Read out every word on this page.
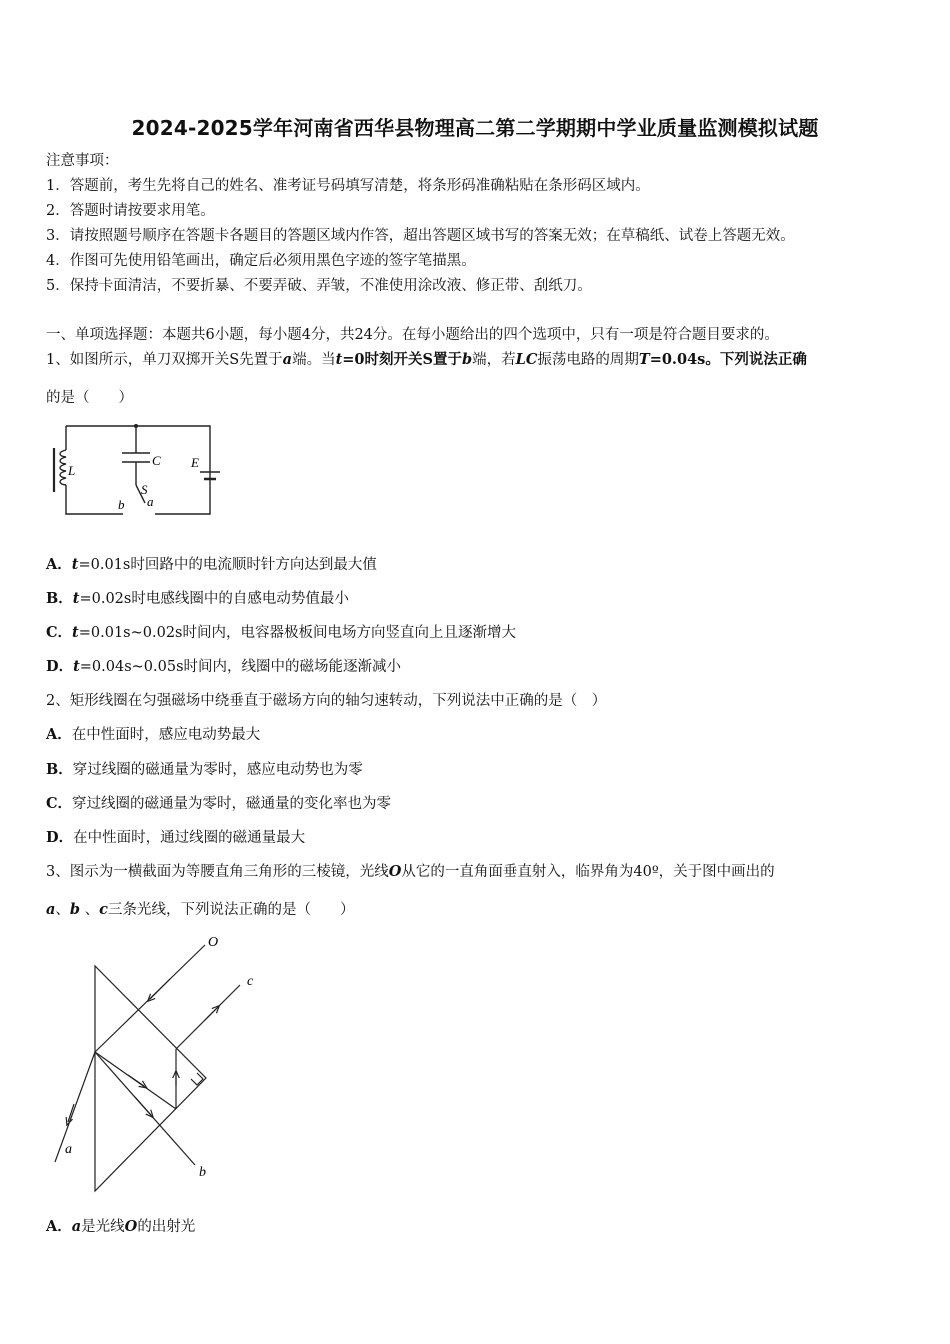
2024-2025学年河南省西华县物理高二第二学期期中学业质量监测模拟试题
注意事项：
1．答题前，考生先将自己的姓名、准考证号码填写清楚，将条形码准确粘贴在条形码区域内。
2．答题时请按要求用笔。
3．请按照题号顺序在答题卡各题目的答题区域内作答，超出答题区域书写的答案无效；在草稿纸、试卷上答题无效。
4．作图可先使用铅笔画出，确定后必须用黑色字迹的签字笔描黑。
5．保持卡面清洁，不要折暴、不要弄破、弄皱，不准使用涂改液、修正带、刮纸刀。
一、单项选择题：本题共6小题，每小题4分，共24分。在每小题给出的四个选项中，只有一项是符合题目要求的。
1、如图所示，单刀双掷开关S先置于a端。当t=0时刻开关S置于b端，若LC振荡电路的周期T=0.04s。下列说法正确
的是（　　）
L
C E
S
a
b
A．t=0.01s时回路中的电流顺时针方向达到最大值
B．t=0.02s时电感线圈中的自感电动势值最小
C．t=0.01s~0.02s时间内，电容器极板间电场方向竖直向上且逐渐增大
D．t=0.04s~0.05s时间内，线圈中的磁场能逐渐减小
2、矩形线圈在匀强磁场中绕垂直于磁场方向的轴匀速转动，下列说法中正确的是（　）
A．在中性面时，感应电动势最大
B．穿过线圈的磁通量为零时，感应电动势也为零
C．穿过线圈的磁通量为零时，磁通量的变化率也为零
D．在中性面时，通过线圈的磁通量最大
3、图示为一横截面为等腰直角三角形的三棱镜，光线O从它的一直角面垂直射入，临界角为40º，关于图中画出的
a、b 、c三条光线，下列说法正确的是（　　）
O
c
a
b
A．a是光线O的出射光
